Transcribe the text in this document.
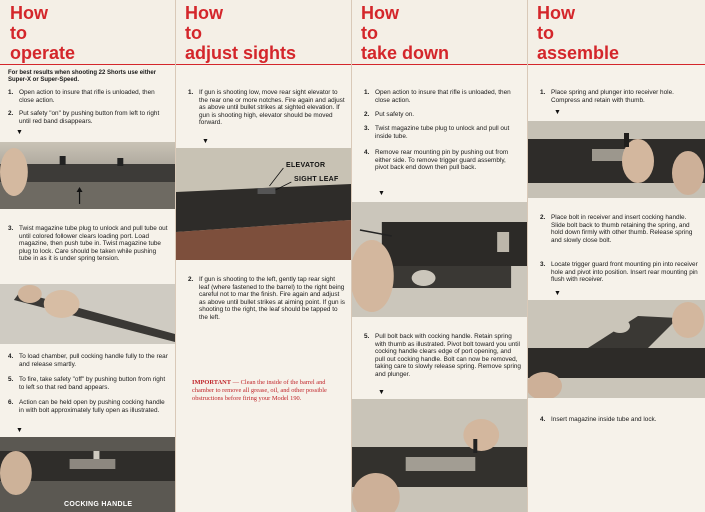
How
to
operate
For best results when shooting 22 Shorts use either Super-X or Super-Speed.
1. Open action to insure that rifle is unloaded, then close action.
2. Put safety "on" by pushing button from left to right until red band disappears.
▼
3. Twist magazine tube plug to unlock and pull tube out until colored follower clears loading port. Load magazine, then push tube in. Twist magazine tube plug to lock. Care should be taken while pushing tube in as it is under spring tension.
4. To load chamber, pull cocking handle fully to the rear and release smartly.
5. To fire, take safety "off" by pushing button from right to left so that red band appears.
6. Action can be held open by pushing cocking handle in with bolt approximately fully open as illustrated.
▼
COCKING HANDLE
How
to
adjust sights
1. If gun is shooting low, move rear sight elevator to the rear one or more notches. Fire again and adjust as above until bullet strikes at sighted elevation. If gun is shooting high, elevator should be moved forward.
▼
ELEVATOR
SIGHT LEAF
2. If gun is shooting to the left, gently tap rear sight leaf (where fastened to the barrel) to the right being careful not to mar the finish. Fire again and adjust as above until bullet strikes at aiming point. If gun is shooting to the right, the leaf should be tapped to the left.
IMPORTANT — Clean the inside of the barrel and chamber to remove all grease, oil, and other possible obstructions before firing your Model 190.
How
to
take down
1. Open action to insure that rifle is unloaded, then close action.
2. Put safety on.
3. Twist magazine tube plug to unlock and pull out inside tube.
4. Remove rear mounting pin by pushing out from either side. To remove trigger guard assembly, pivot back end down then pull back.
▼
5. Pull bolt back with cocking handle. Retain spring with thumb as illustrated. Pivot bolt toward you until cocking handle clears edge of port opening, and pull out cocking handle. Bolt can now be removed, taking care to slowly release spring. Remove spring and plunger.
▼
How
to
assemble
1. Place spring and plunger into receiver hole. Compress and retain with thumb.
▼
2. Place bolt in receiver and insert cocking handle. Slide bolt back to thumb retaining the spring, and hold down firmly with other thumb. Release spring and slowly close bolt.
3. Locate trigger guard front mounting pin into receiver hole and pivot into position. Insert rear mounting pin flush with receiver.
▼
4. Insert magazine inside tube and lock.
